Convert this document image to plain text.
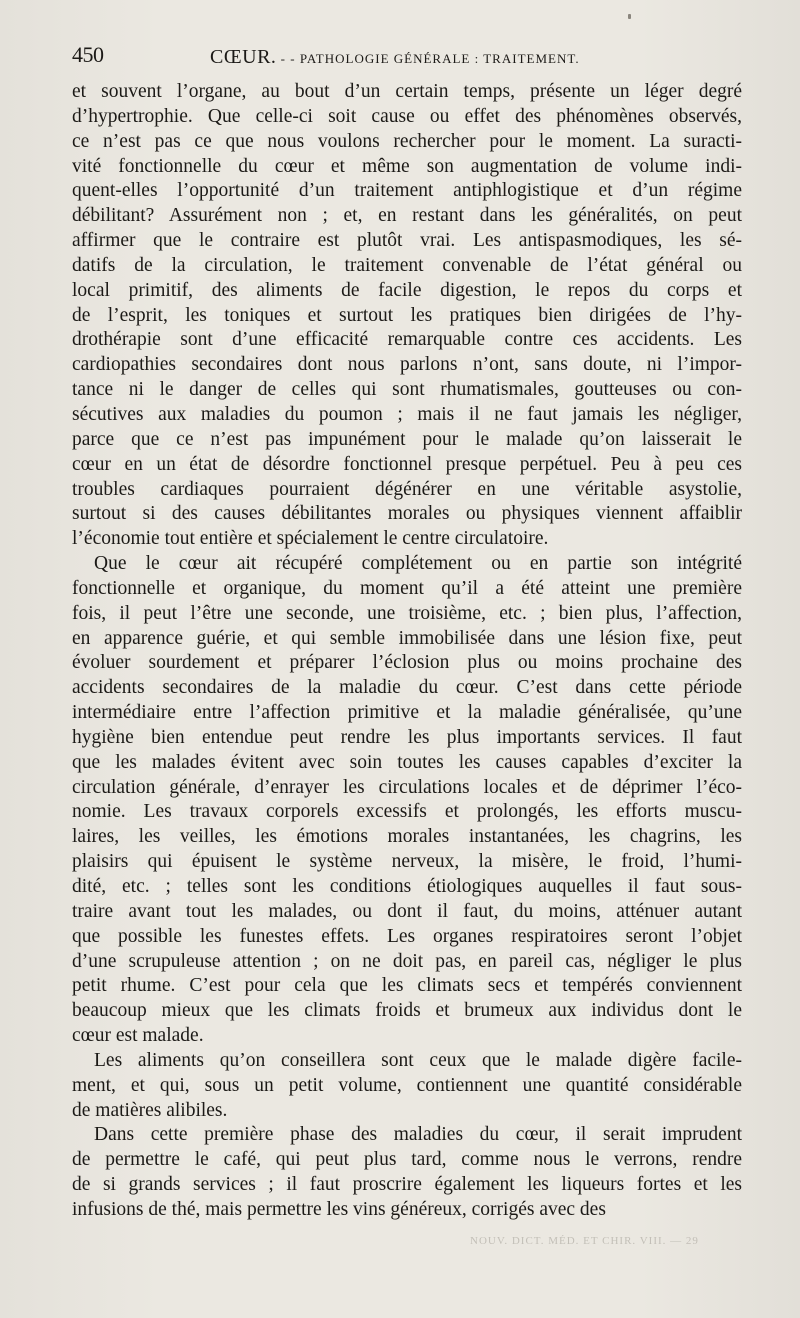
450	CŒUR. - - PATHOLOGIE GÉNÉRALE : TRAITEMENT.
et souvent l’organe, au bout d’un certain temps, présente un léger degré
d’hypertrophie. Que celle-ci soit cause ou effet des phénomènes observés,
ce n’est pas ce que nous voulons rechercher pour le moment. La suracti-
vité fonctionnelle du cœur et même son augmentation de volume indi-
quent-elles l’opportunité d’un traitement antiphlogistique et d’un régime
débilitant? Assurément non ; et, en restant dans les généralités, on peut
affirmer que le contraire est plutôt vrai. Les antispasmodiques, les sé-
datifs de la circulation, le traitement convenable de l’état général ou
local primitif, des aliments de facile digestion, le repos du corps et
de l’esprit, les toniques et surtout les pratiques bien dirigées de l’hy-
drothérapie sont d’une efficacité remarquable contre ces accidents. Les
cardiopathies secondaires dont nous parlons n’ont, sans doute, ni l’impor-
tance ni le danger de celles qui sont rhumatismales, goutteuses ou con-
sécutives aux maladies du poumon ; mais il ne faut jamais les négliger,
parce que ce n’est pas impunément pour le malade qu’on laisserait le
cœur en un état de désordre fonctionnel presque perpétuel. Peu à peu ces
troubles cardiaques pourraient dégénérer en une véritable asystolie,
surtout si des causes débilitantes morales ou physiques viennent affaiblir
l’économie tout entière et spécialement le centre circulatoire.
Que le cœur ait récupéré complétement ou en partie son intégrité
fonctionnelle et organique, du moment qu’il a été atteint une première
fois, il peut l’être une seconde, une troisième, etc. ; bien plus, l’affection,
en apparence guérie, et qui semble immobilisée dans une lésion fixe, peut
évoluer sourdement et préparer l’éclosion plus ou moins prochaine des
accidents secondaires de la maladie du cœur. C’est dans cette période
intermédiaire entre l’affection primitive et la maladie généralisée, qu’une
hygiène bien entendue peut rendre les plus importants services. Il faut
que les malades évitent avec soin toutes les causes capables d’exciter la
circulation générale, d’enrayer les circulations locales et de déprimer l’éco-
nomie. Les travaux corporels excessifs et prolongés, les efforts muscu-
laires, les veilles, les émotions morales instantanées, les chagrins, les
plaisirs qui épuisent le système nerveux, la misère, le froid, l’humi-
dité, etc. ; telles sont les conditions étiologiques auquelles il faut sous-
traire avant tout les malades, ou dont il faut, du moins, atténuer autant
que possible les funestes effets. Les organes respiratoires seront l’objet
d’une scrupuleuse attention ; on ne doit pas, en pareil cas, négliger le plus
petit rhume. C’est pour cela que les climats secs et tempérés conviennent
beaucoup mieux que les climats froids et brumeux aux individus dont le
cœur est malade.
Les aliments qu’on conseillera sont ceux que le malade digère facile-
ment, et qui, sous un petit volume, contiennent une quantité considérable
de matières alibiles.
Dans cette première phase des maladies du cœur, il serait imprudent
de permettre le café, qui peut plus tard, comme nous le verrons, rendre
de si grands services ; il faut proscrire également les liqueurs fortes et les
infusions de thé, mais permettre les vins généreux, corrigés avec des
NOUV. DICT. MÉD. ET CHIR. VIII. — 29
